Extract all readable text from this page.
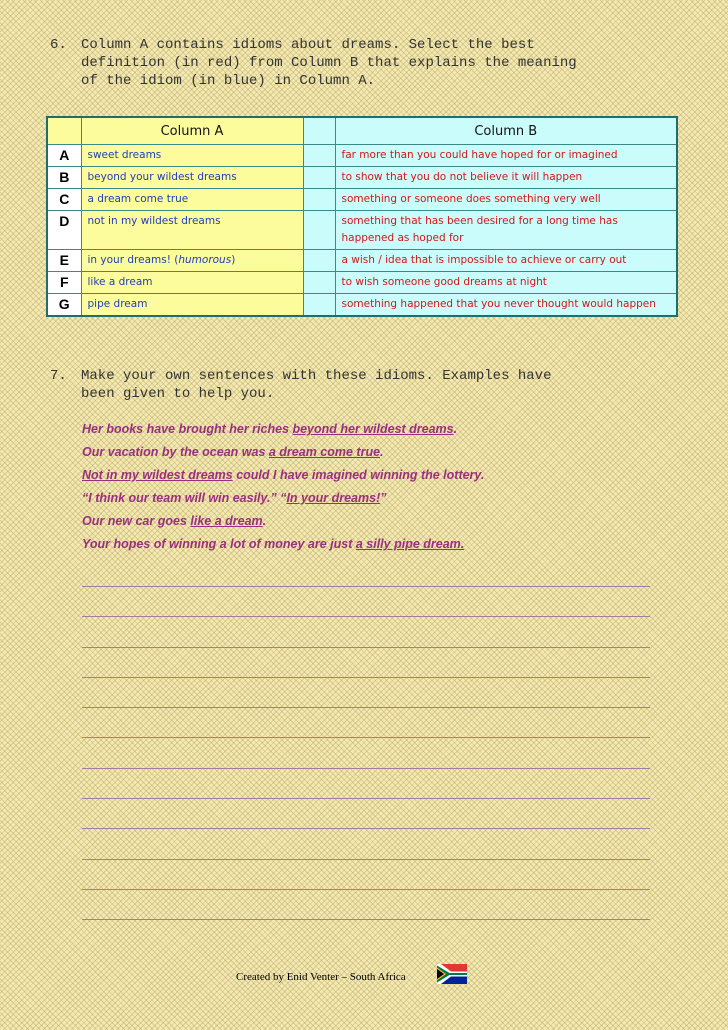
6. Column A contains idioms about dreams. Select the best
definition (in red) from Column B that explains the meaning
of the idiom (in blue) in Column A.
	Column A		Column B
A	sweet dreams		far more than you could have hoped for or imagined
B	beyond your wildest dreams		to show that you do not believe it will happen
C	a dream come true		something or someone does something very well
D	not in my wildest dreams		something that has been desired for a long time has happened as hoped for
E	in your dreams! (humorous)		a wish / idea that is impossible to achieve or carry out
F	like a dream		to wish someone good dreams at night
G	pipe dream		something happened that you never thought would happen
7. Make your own sentences with these idioms. Examples have
been given to help you.
Her books have brought her riches beyond her wildest dreams.
Our vacation by the ocean was a dream come true.
Not in my wildest dreams could I have imagined winning the lottery.
“I think our team will win easily.” “In your dreams!”
Our new car goes like a dream.
Your hopes of winning a lot of money are just a silly pipe dream.
Created by Enid Venter – South Africa
